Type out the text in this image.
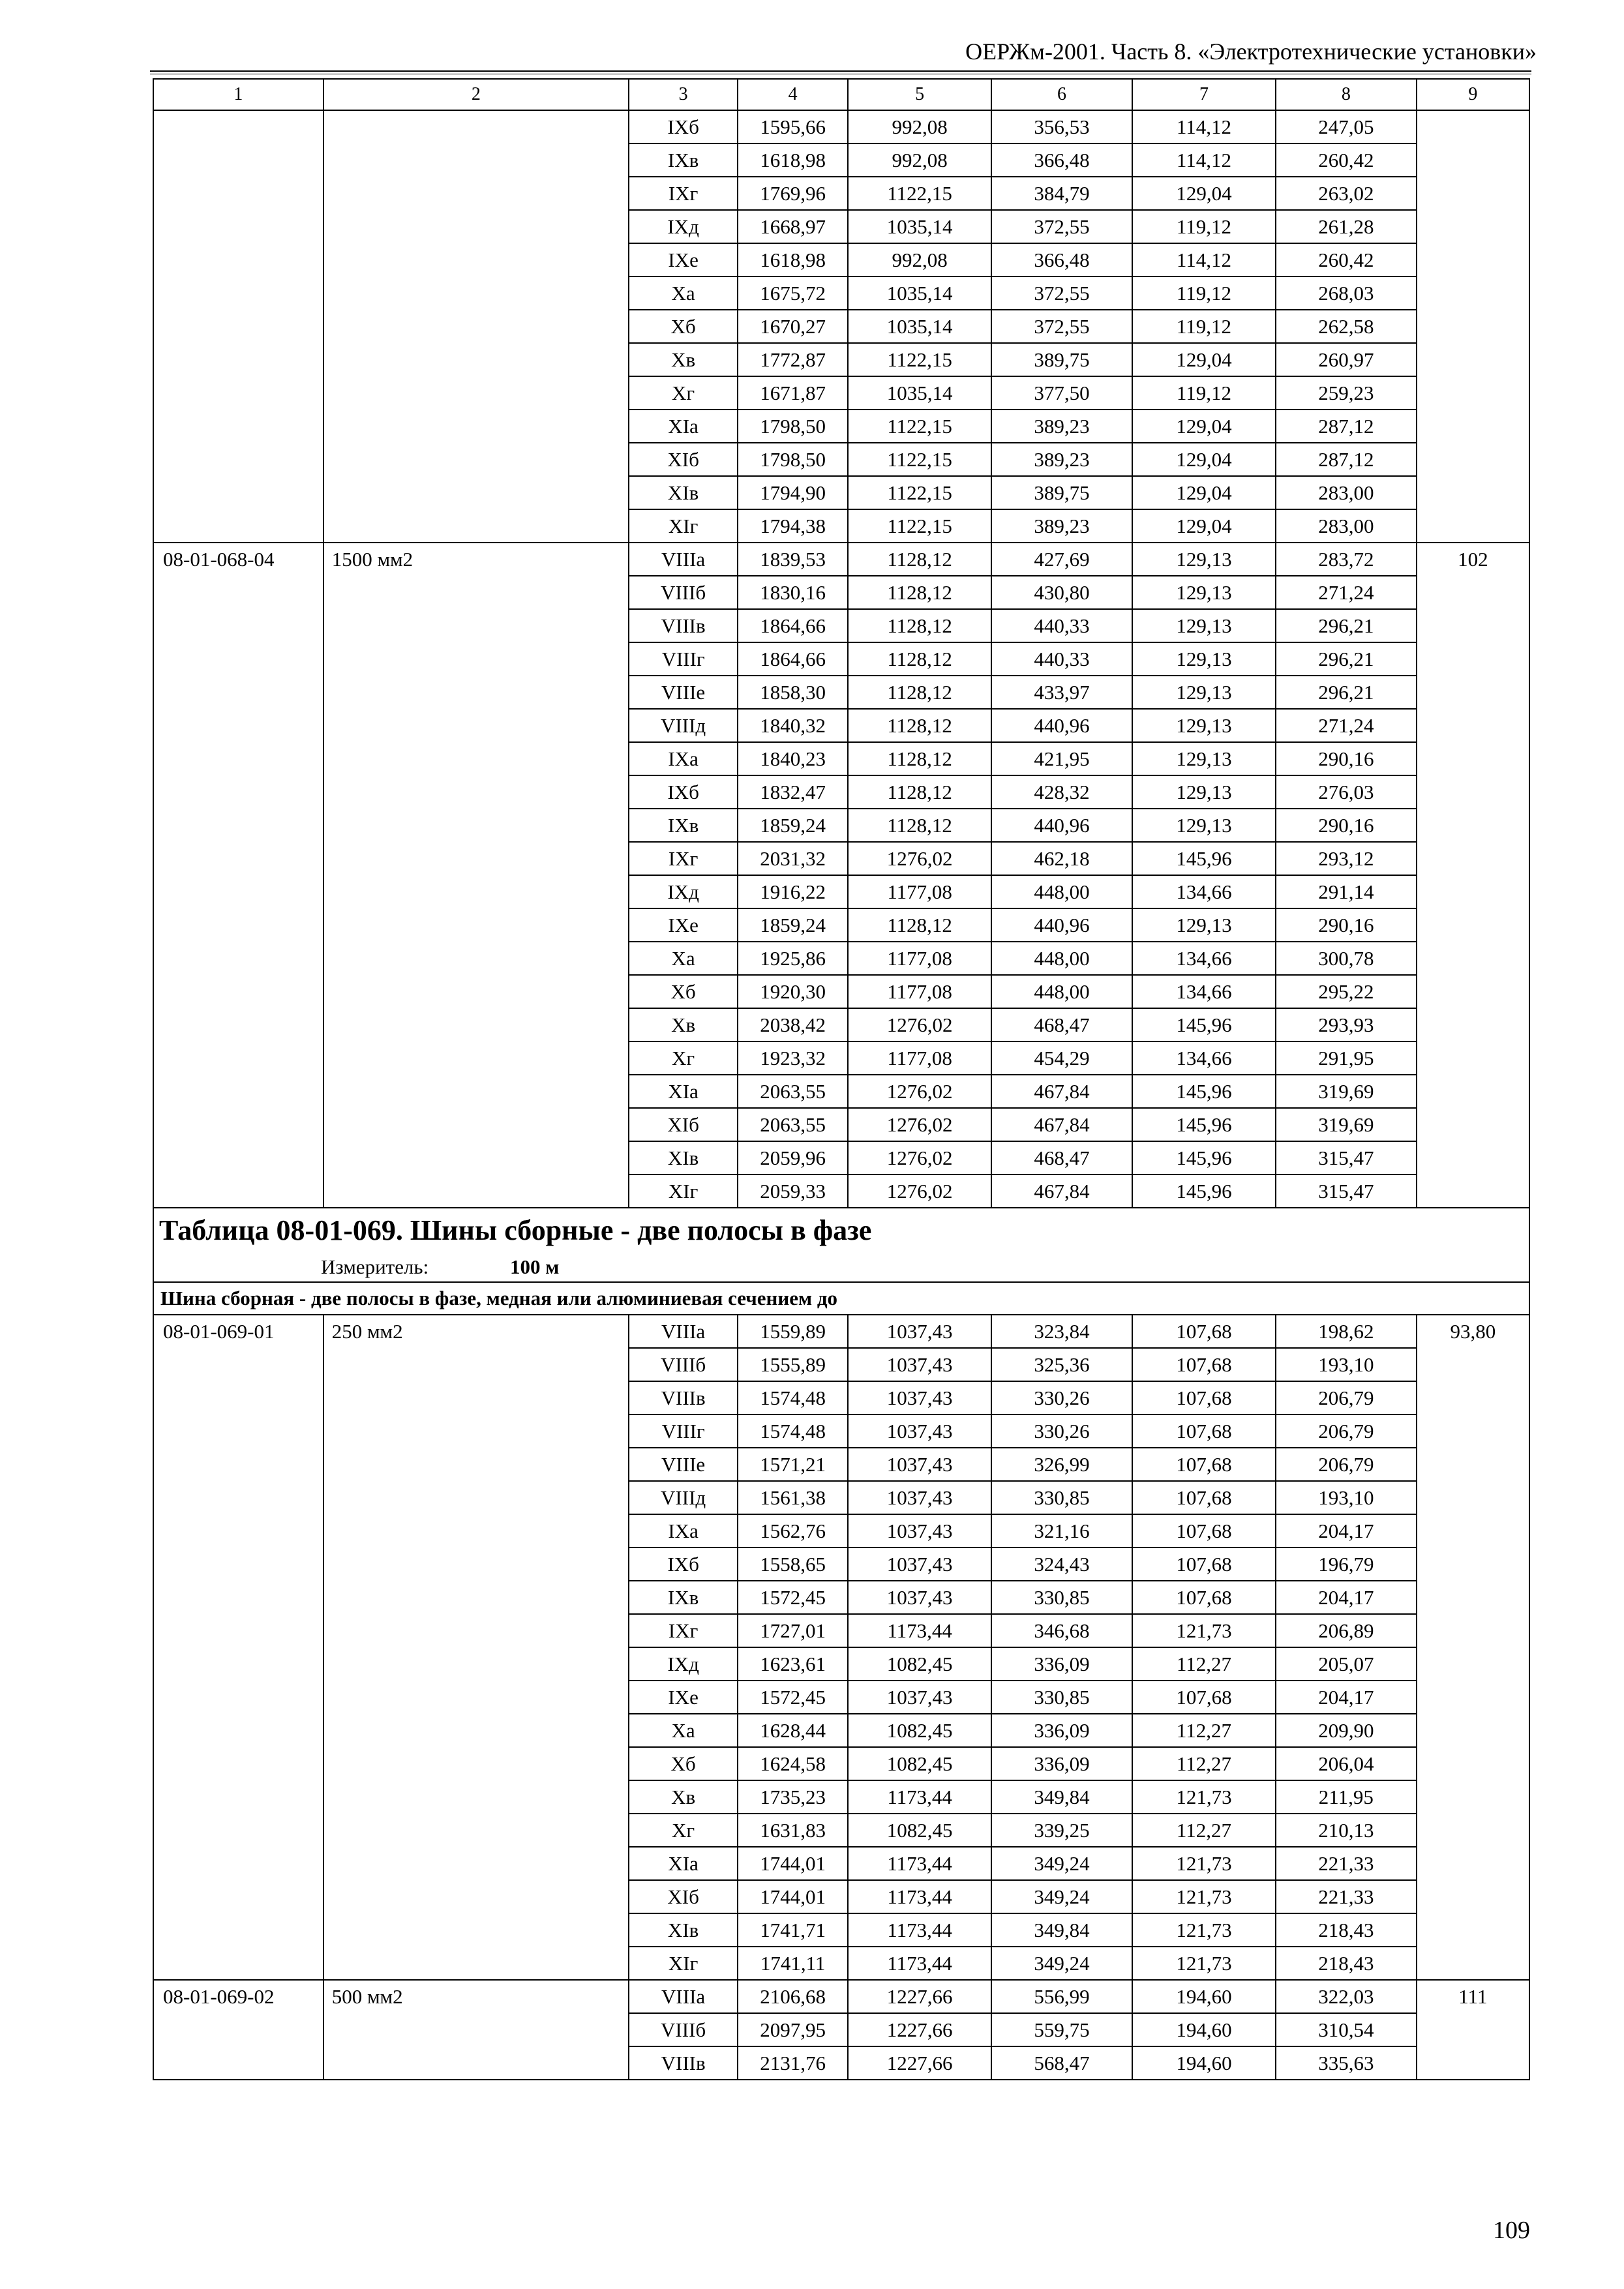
ОЕРЖм-2001. Часть 8. «Электротехнические установки»
1	2	3	4	5	6	7	8	9
		IXб	1595,66	992,08	356,53	114,12	247,05	
		IXв	1618,98	992,08	366,48	114,12	260,42	
		IXг	1769,96	1122,15	384,79	129,04	263,02	
		IXд	1668,97	1035,14	372,55	119,12	261,28	
		IXе	1618,98	992,08	366,48	114,12	260,42	
		Xа	1675,72	1035,14	372,55	119,12	268,03	
		Xб	1670,27	1035,14	372,55	119,12	262,58	
		Xв	1772,87	1122,15	389,75	129,04	260,97	
		Xг	1671,87	1035,14	377,50	119,12	259,23	
		XIа	1798,50	1122,15	389,23	129,04	287,12	
		XIб	1798,50	1122,15	389,23	129,04	287,12	
		XIв	1794,90	1122,15	389,75	129,04	283,00	
		XIг	1794,38	1122,15	389,23	129,04	283,00	
08-01-068-04	1500 мм2	VIIIа	1839,53	1128,12	427,69	129,13	283,72	102
		VIIIб	1830,16	1128,12	430,80	129,13	271,24	
		VIIIв	1864,66	1128,12	440,33	129,13	296,21	
		VIIIг	1864,66	1128,12	440,33	129,13	296,21	
		VIIIе	1858,30	1128,12	433,97	129,13	296,21	
		VIIIд	1840,32	1128,12	440,96	129,13	271,24	
		IXа	1840,23	1128,12	421,95	129,13	290,16	
		IXб	1832,47	1128,12	428,32	129,13	276,03	
		IXв	1859,24	1128,12	440,96	129,13	290,16	
		IXг	2031,32	1276,02	462,18	145,96	293,12	
		IXд	1916,22	1177,08	448,00	134,66	291,14	
		IXе	1859,24	1128,12	440,96	129,13	290,16	
		Xа	1925,86	1177,08	448,00	134,66	300,78	
		Xб	1920,30	1177,08	448,00	134,66	295,22	
		Xв	2038,42	1276,02	468,47	145,96	293,93	
		Xг	1923,32	1177,08	454,29	134,66	291,95	
		XIа	2063,55	1276,02	467,84	145,96	319,69	
		XIб	2063,55	1276,02	467,84	145,96	319,69	
		XIв	2059,96	1276,02	468,47	145,96	315,47	
		XIг	2059,33	1276,02	467,84	145,96	315,47	
Таблица 08-01-069. Шины сборные - две полосы в фазе								
Измеритель: 100 м								
Шина сборная - две полосы в фазе, медная или алюминиевая сечением до								
08-01-069-01	250 мм2	VIIIа	1559,89	1037,43	323,84	107,68	198,62	93,80
		VIIIб	1555,89	1037,43	325,36	107,68	193,10	
		VIIIв	1574,48	1037,43	330,26	107,68	206,79	
		VIIIг	1574,48	1037,43	330,26	107,68	206,79	
		VIIIе	1571,21	1037,43	326,99	107,68	206,79	
		VIIIд	1561,38	1037,43	330,85	107,68	193,10	
		IXа	1562,76	1037,43	321,16	107,68	204,17	
		IXб	1558,65	1037,43	324,43	107,68	196,79	
		IXв	1572,45	1037,43	330,85	107,68	204,17	
		IXг	1727,01	1173,44	346,68	121,73	206,89	
		IXд	1623,61	1082,45	336,09	112,27	205,07	
		IXе	1572,45	1037,43	330,85	107,68	204,17	
		Xа	1628,44	1082,45	336,09	112,27	209,90	
		Xб	1624,58	1082,45	336,09	112,27	206,04	
		Xв	1735,23	1173,44	349,84	121,73	211,95	
		Xг	1631,83	1082,45	339,25	112,27	210,13	
		XIа	1744,01	1173,44	349,24	121,73	221,33	
		XIб	1744,01	1173,44	349,24	121,73	221,33	
		XIв	1741,71	1173,44	349,84	121,73	218,43	
		XIг	1741,11	1173,44	349,24	121,73	218,43	
08-01-069-02	500 мм2	VIIIа	2106,68	1227,66	556,99	194,60	322,03	111
		VIIIб	2097,95	1227,66	559,75	194,60	310,54	
		VIIIв	2131,76	1227,66	568,47	194,60	335,63	
109
